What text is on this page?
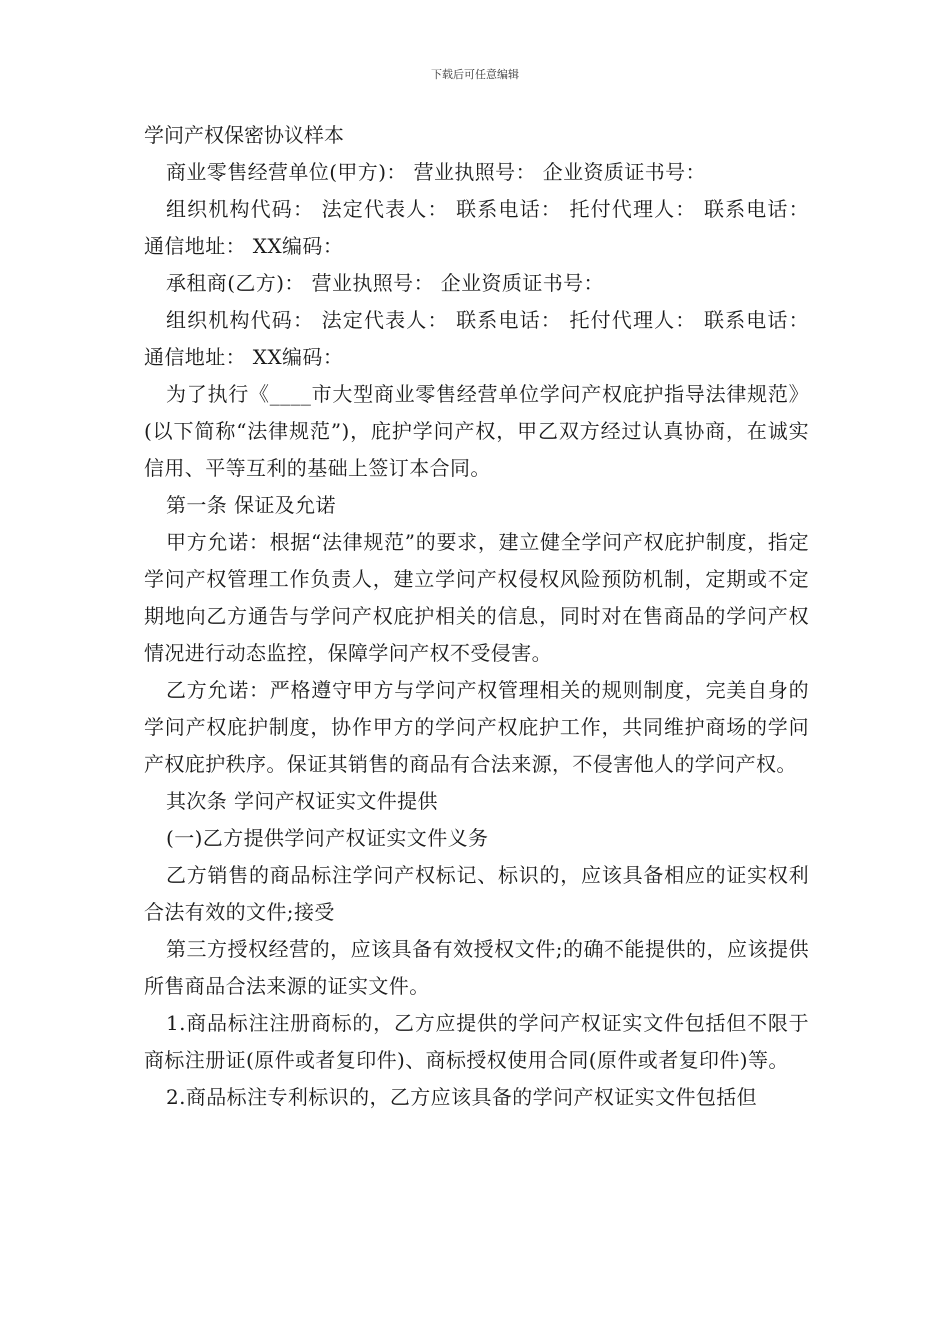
下载后可任意编辑

学问产权保密协议样本

商业零售经营单位(甲方)： 营业执照号： 企业资质证书号：

组织机构代码： 法定代表人： 联系电话： 托付代理人： 联系电话： 通信地址： XX编码：

承租商(乙方)： 营业执照号： 企业资质证书号：

组织机构代码： 法定代表人： 联系电话： 托付代理人： 联系电话： 通信地址： XX编码：

为了执行《____市大型商业零售经营单位学问产权庇护指导法律规范》(以下简称“法律规范”)，庇护学问产权，甲乙双方经过认真协商，在诚实信用、平等互利的基础上签订本合同。

第一条 保证及允诺

甲方允诺：根据“法律规范”的要求，建立健全学问产权庇护制度，指定学问产权管理工作负责人，建立学问产权侵权风险预防机制，定期或不定期地向乙方通告与学问产权庇护相关的信息，同时对在售商品的学问产权情况进行动态监控，保障学问产权不受侵害。

乙方允诺：严格遵守甲方与学问产权管理相关的规则制度，完美自身的学问产权庇护制度，协作甲方的学问产权庇护工作，共同维护商场的学问产权庇护秩序。保证其销售的商品有合法来源，不侵害他人的学问产权。

其次条 学问产权证实文件提供

(一)乙方提供学问产权证实文件义务

乙方销售的商品标注学问产权标记、标识的，应该具备相应的证实权利合法有效的文件;接受

第三方授权经营的，应该具备有效授权文件;的确不能提供的，应该提供所售商品合法来源的证实文件。

1.商品标注注册商标的，乙方应提供的学问产权证实文件包括但不限于商标注册证(原件或者复印件)、商标授权使用合同(原件或者复印件)等。

2.商品标注专利标识的，乙方应该具备的学问产权证实文件包括但
